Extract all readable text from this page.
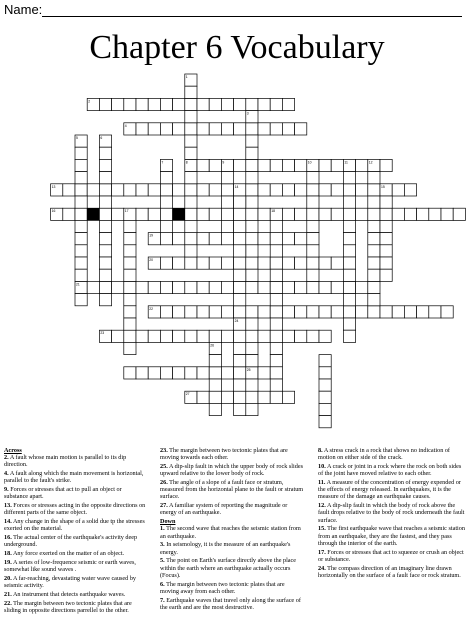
Name:
Chapter 6 Vocabulary
1
2
3
4
5	6
7	8	9	10	11	12
13	14	15
16	17	18
19
20
21
22
23
24
25
26
27
Across
2. A fault whose main motion is parallel to its dip direction.
4. A fault along which the main movement is horizontal, parallel to the fault's strike.
9. Forces or stresses that act to pull an object or substance apart.
13. Forces or stresses acting in the opposite directions on different parts of the same object.
14. Any change in the shape of a solid due tp the stresses exerted on the material.
16. The actual center of the earthquake's activity deep underground.
18. Any force exerted on the matter of an object.
19. A series of low-frequence seismic or earth waves, somewhat like sound waves .
20. A far-reaching, devastating water wave caused by seismic activity.
21. An instrument that detects earthquake waves.
22. The margin between two tectonic plates that are sliding in opposite directions parrellel to the other.
23. The margin between two tectonic plates that are moving towards each other.
25. A dip-slip fault in which the upper body of rock slides upward relative to the lower body of rock.
26. The angle of a slope of a fault face or stratum, measured from the horizontal plane to the fault or stratum surface.
27. A familiar system of reporting the magnitude or energy of an earthquake.
Down
1. The second wave that reaches the seismic station from an earthquake.
3. In seismology, it is the measure of an earthquake's energy.
5. The point on Earth's surface directly above the place within the earth where an earthquake actually occurs (Focus).
6. The margin between two tectonic plates that are moving away from each other.
7. Earthquake waves that travel only along the surface of the earth and are the most destructive.
8. A stress crack in a rock that shows no indication of motion on either side of the crack.
10. A crack or joint in a rock where the rock on both sides of the joint have moved relative to each other.
11. A measure of the concentration of energy expended or the effects of energy released. In earthquakes, it is the measure of the damage an earthquake causes.
12. A dip-slip fault in which the body of rock above the fault drops relative to the body of rock underneath the fault surface.
15. The first earthquake wave that reaches a seismic station from an earthquake, they are the fastest, and they pass through the interior of the earth.
17. Forces or stresses that act to squeeze or crush an object or substance.
24. The compass direction of an imaginary line drawn horizontally on the surface of a fault face or rock stratum.
